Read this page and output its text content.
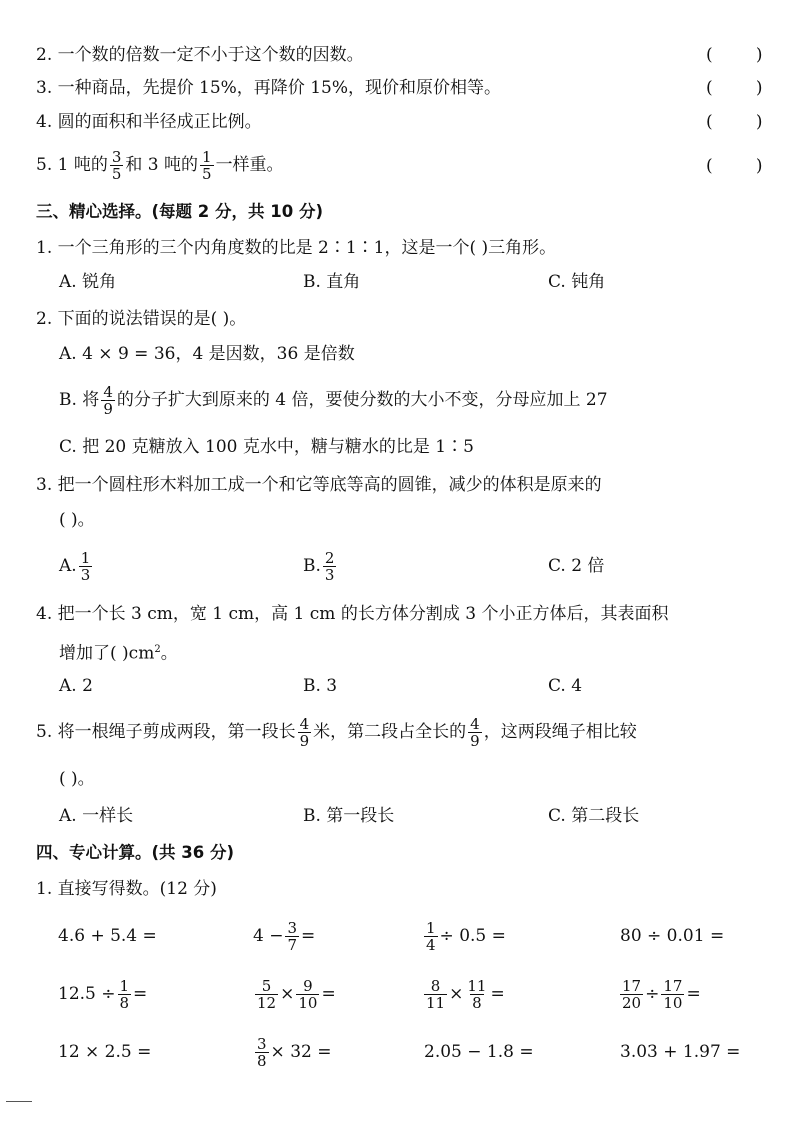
2. 一个数的倍数一定不小于这个数的因数。	(        )
3. 一种商品，先提价 15%，再降价 15%，现价和原价相等。	(        )
4. 圆的面积和半径成正比例。	(        )
5. 1 吨的 $\frac{3}{5}$ 和 3 吨的 $\frac{1}{5}$ 一样重。	(        )
三、精心选择。(每题 2 分，共 10 分)
1. 一个三角形的三个内角度数的比是 2∶1∶1，这是一个( )三角形。
A. 锐角	B. 直角	C. 钝角
2. 下面的说法错误的是( )。
A. 4 × 9 = 36，4 是因数，36 是倍数
B. 将 $\frac{4}{9}$ 的分子扩大到原来的 4 倍，要使分数的大小不变，分母应加上 27
C. 把 20 克糖放入 100 克水中，糖与糖水的比是 1∶5
3. 把一个圆柱形木料加工成一个和它等底等高的圆锥，减少的体积是原来的
( )。
A. $\frac{1}{3}$	B. $\frac{2}{3}$	C. 2 倍
4. 把一个长 3 cm，宽 1 cm，高 1 cm 的长方体分割成 3 个小正方体后，其表面积
增加了( )$cm^2$。
A. 2	B. 3	C. 4
5. 将一根绳子剪成两段，第一段长 $\frac{4}{9}$ 米，第二段占全长的 $\frac{4}{9}$ ，这两段绳子相比较
( )。
A. 一样长	B. 第一段长	C. 第二段长
四、专心计算。(共 36 分)
1. 直接写得数。(12 分)
4.6 + 5.4 =	$4 - \frac{3}{7}$ =	$\frac{1}{4} \div 0.5$ =	80 ÷ 0.01 =
$12.5 \div \frac{1}{8}$ =	$\frac{5}{12} \times \frac{9}{10}$ =	$\frac{8}{11} \times \frac{11}{8}$ =	$\frac{17}{20} \div \frac{17}{10}$ =
12 × 2.5 =	$\frac{3}{8} \times 32$ =	2.05 − 1.8 =	3.03 + 1.97 =
